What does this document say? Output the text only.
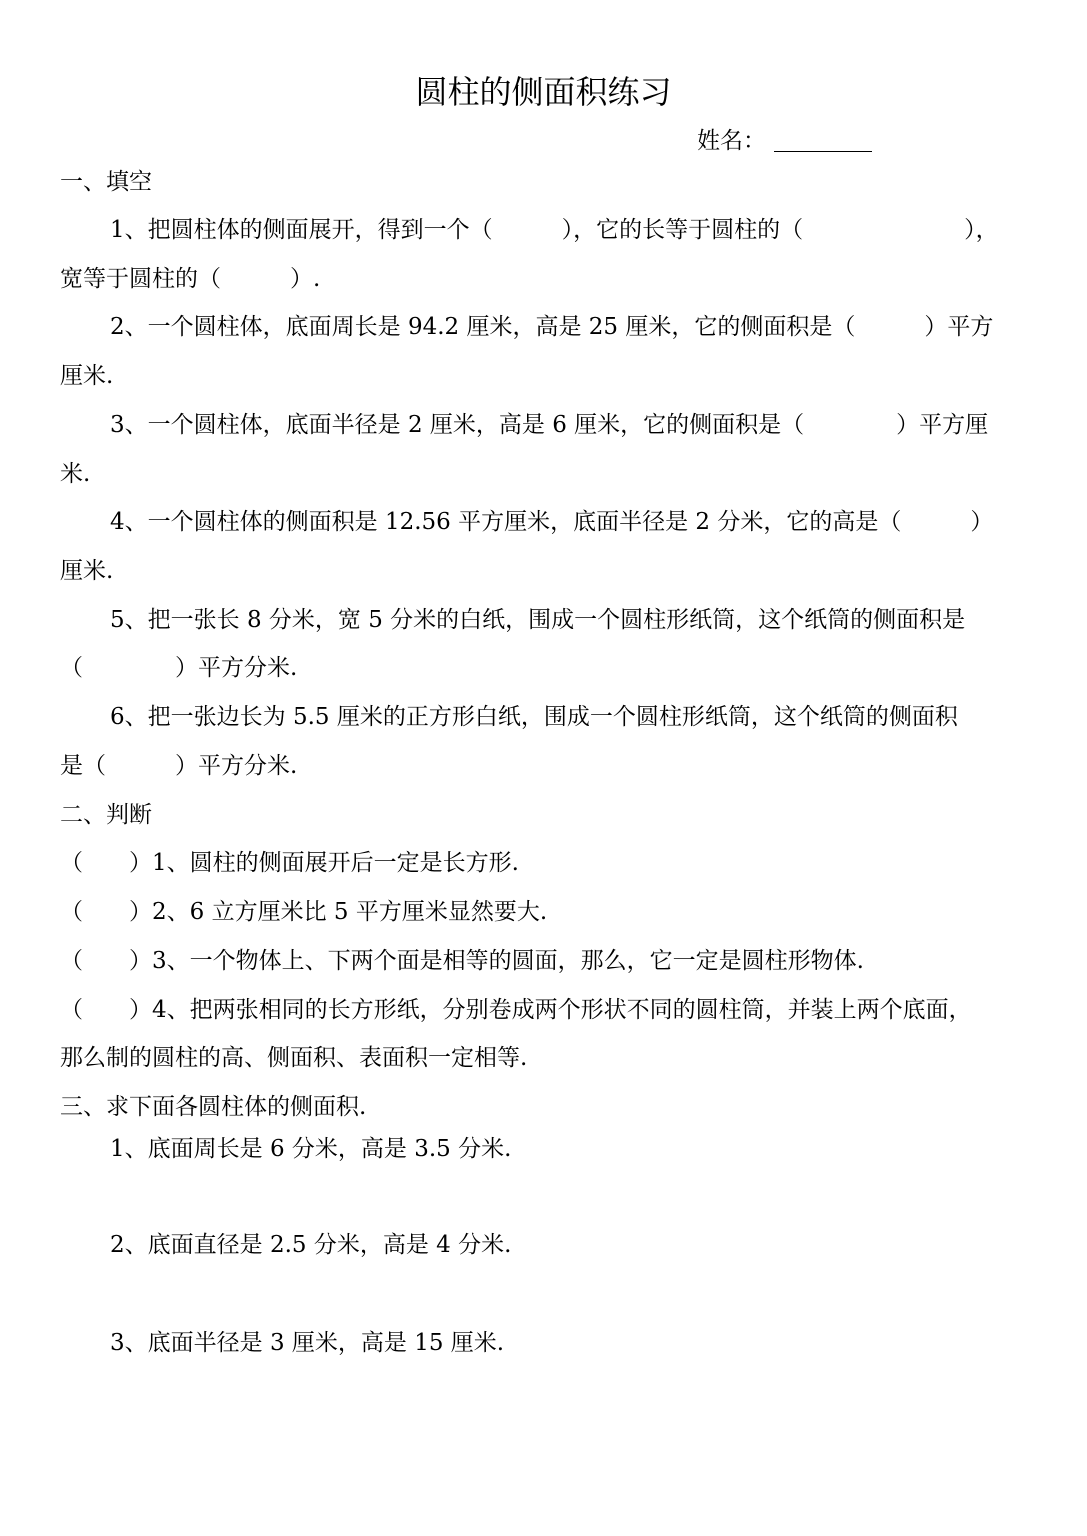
圆柱的侧面积练习
姓名：
一、填空
1、把圆柱体的侧面展开，得到一个（　　　），它的长等于圆柱的（　　　　　　　），
宽等于圆柱的（　　　）.
2、一个圆柱体，底面周长是 94.2 厘米，高是 25 厘米，它的侧面积是（　　　）平方
厘米.
3、一个圆柱体，底面半径是 2 厘米，高是 6 厘米，它的侧面积是（　　　　）平方厘
米.
4、一个圆柱体的侧面积是 12.56 平方厘米，底面半径是 2 分米，它的高是（　　　）
厘米.
5、把一张长 8 分米，宽 5 分米的白纸，围成一个圆柱形纸筒，这个纸筒的侧面积是
（　　　　）平方分米.
6、把一张边长为 5.5 厘米的正方形白纸，围成一个圆柱形纸筒，这个纸筒的侧面积
是（　　　）平方分米.
二、判断
（　　）1、圆柱的侧面展开后一定是长方形.
（　　）2、6 立方厘米比 5 平方厘米显然要大.
（　　）3、一个物体上、下两个面是相等的圆面，那么，它一定是圆柱形物体.
（　　）4、把两张相同的长方形纸，分别卷成两个形状不同的圆柱筒，并装上两个底面，
那么制的圆柱的高、侧面积、表面积一定相等.
三、求下面各圆柱体的侧面积.
1、底面周长是 6 分米，高是 3.5 分米.
2、底面直径是 2.5 分米，高是 4 分米.
3、底面半径是 3 厘米，高是 15 厘米.
